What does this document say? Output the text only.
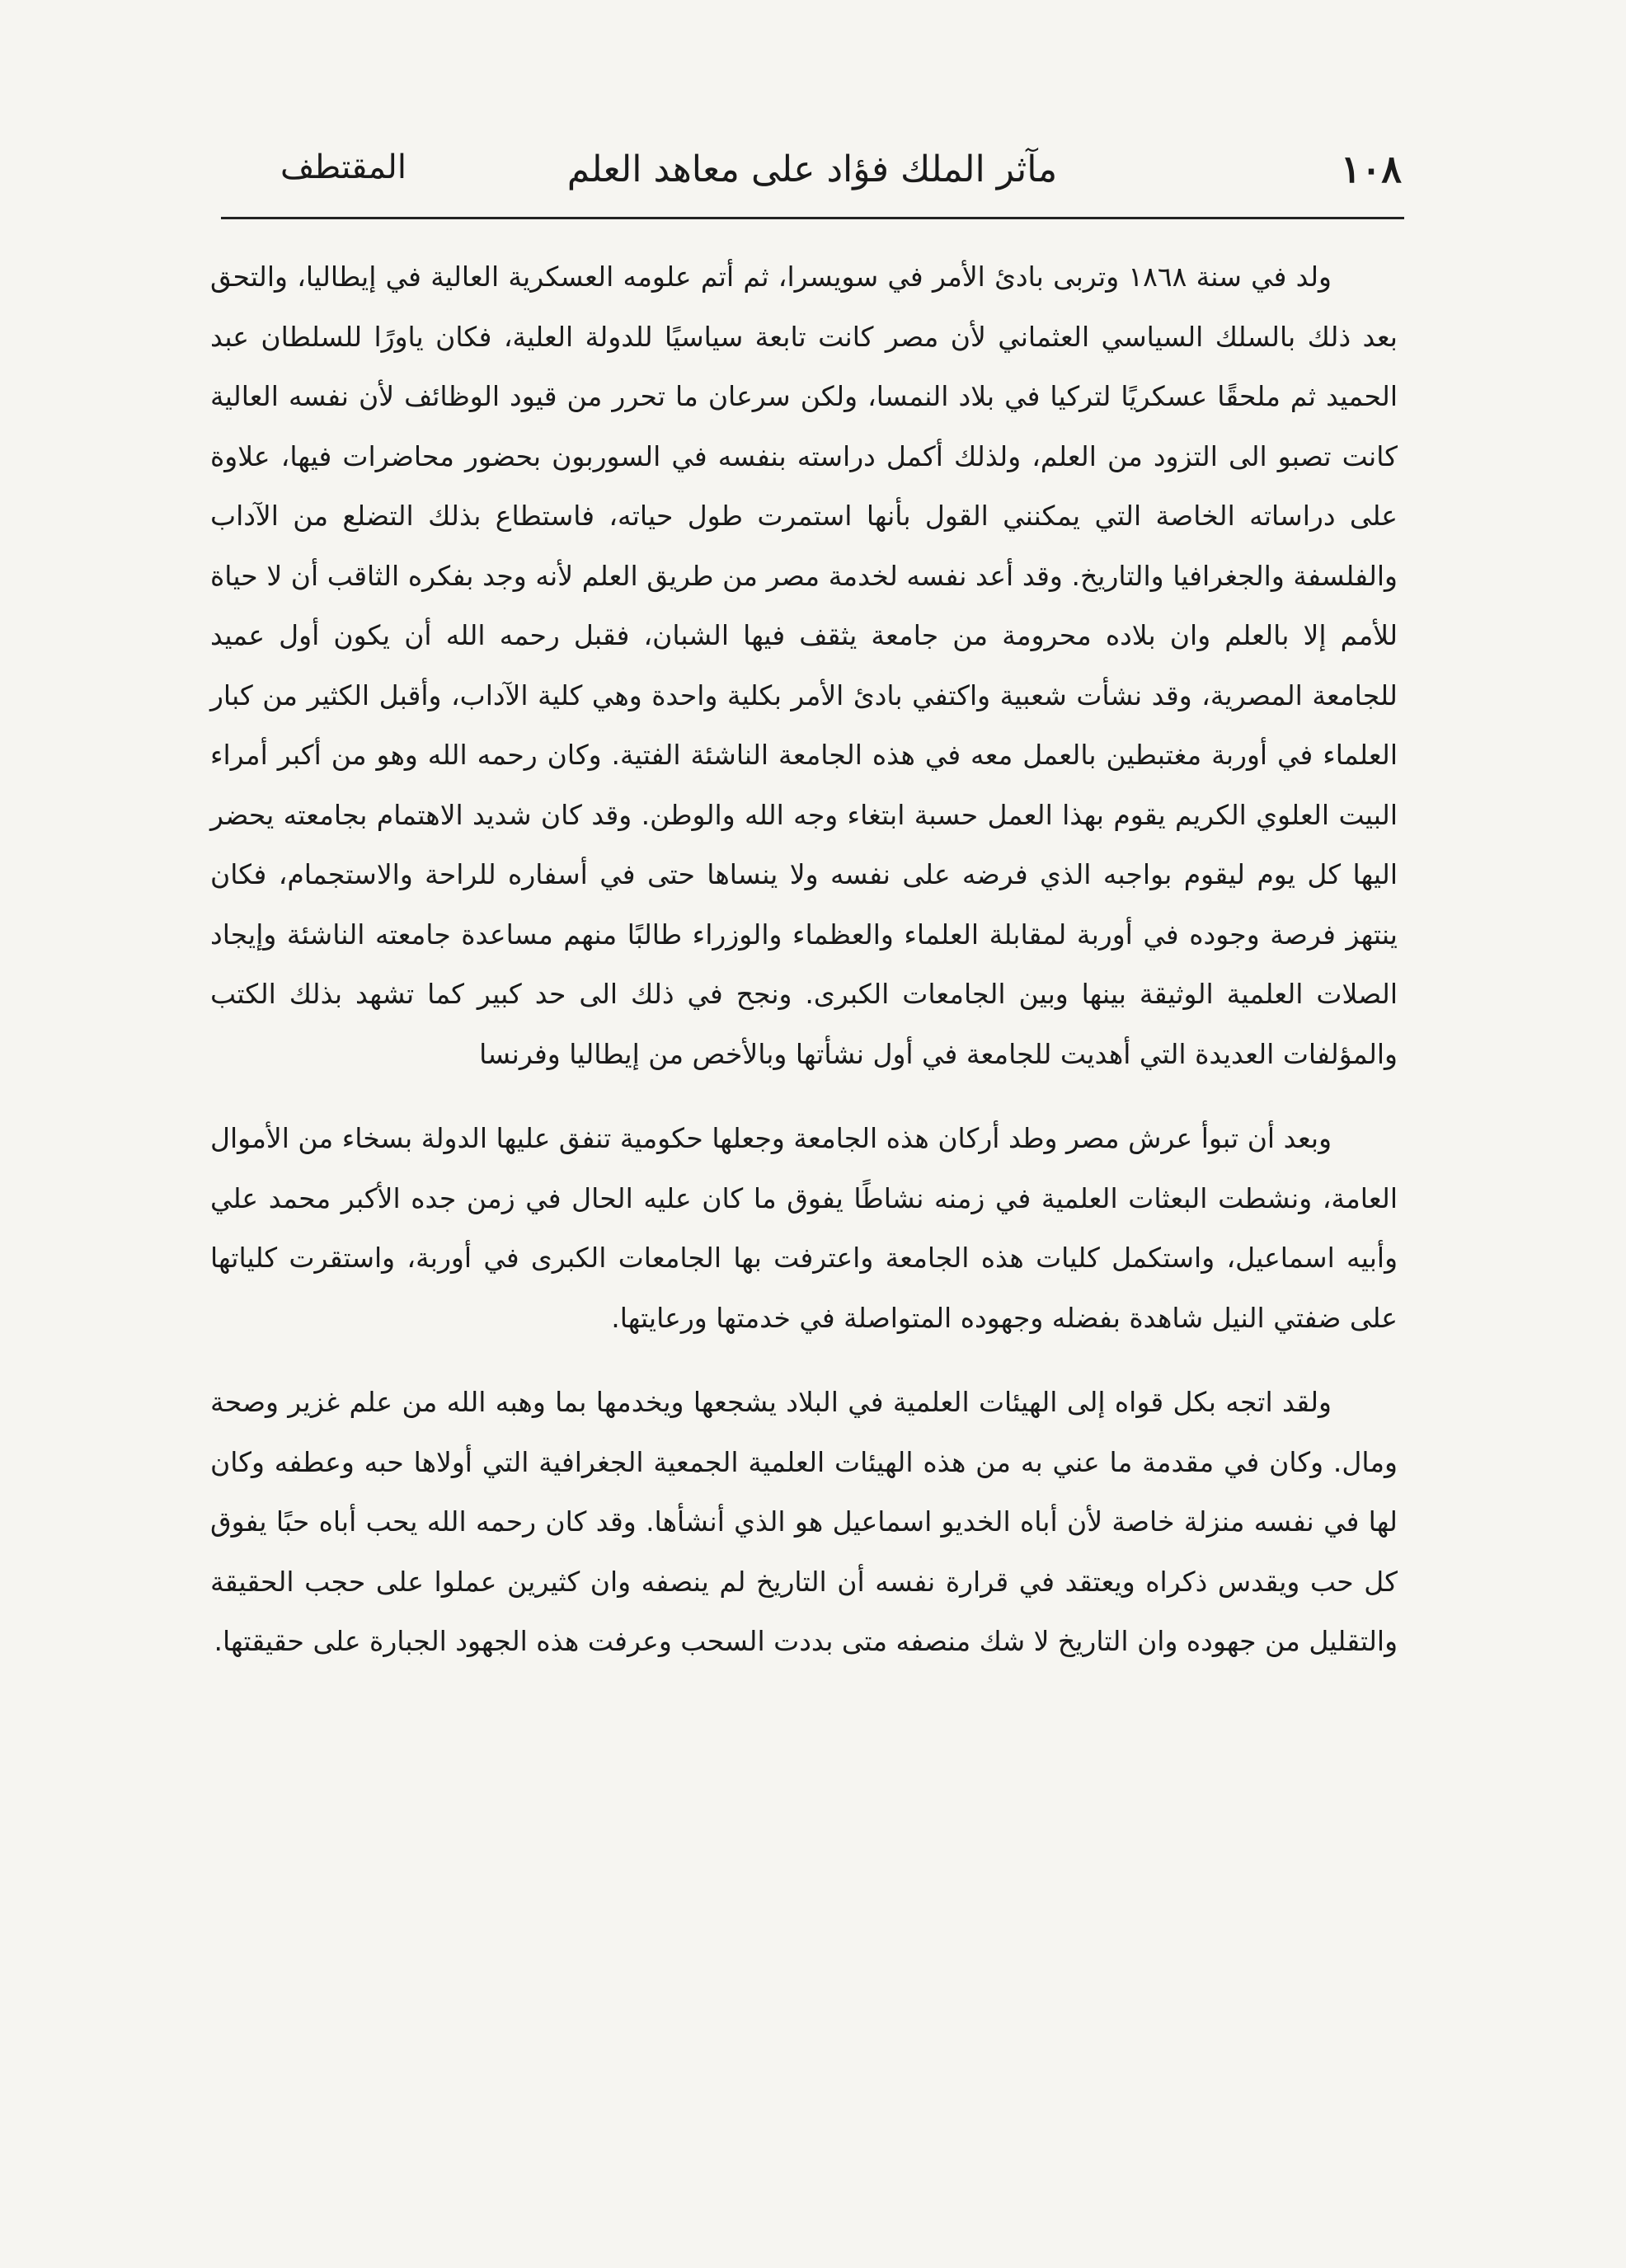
١٠٨
مآثر الملك فؤاد على معاهد العلم
المقتطف

ولد في سنة ١٨٦٨ وتربى بادئ الأمر في سويسرا، ثم أتم علومه العسكرية العالية في إيطاليا، والتحق بعد ذلك بالسلك السياسي العثماني لأن مصر كانت تابعة سياسيًا للدولة العلية، فكان ياورًا للسلطان عبد الحميد ثم ملحقًا عسكريًا لتركيا في بلاد النمسا، ولكن سرعان ما تحرر من قيود الوظائف لأن نفسه العالية كانت تصبو الى التزود من العلم، ولذلك أكمل دراسته بنفسه في السوربون بحضور محاضرات فيها، علاوة على دراساته الخاصة التي يمكنني القول بأنها استمرت طول حياته، فاستطاع بذلك التضلع من الآداب والفلسفة والجغرافيا والتاريخ. وقد أعد نفسه لخدمة مصر من طريق العلم لأنه وجد بفكره الثاقب أن لا حياة للأمم إلا بالعلم وان بلاده محرومة من جامعة يثقف فيها الشبان، فقبل رحمه الله أن يكون أول عميد للجامعة المصرية، وقد نشأت شعبية واكتفي بادئ الأمر بكلية واحدة وهي كلية الآداب، وأقبل الكثير من كبار العلماء في أوربة مغتبطين بالعمل معه في هذه الجامعة الناشئة الفتية. وكان رحمه الله وهو من أكبر أمراء البيت العلوي الكريم يقوم بهذا العمل حسبة ابتغاء وجه الله والوطن. وقد كان شديد الاهتمام بجامعته يحضر اليها كل يوم ليقوم بواجبه الذي فرضه على نفسه ولا ينساها حتى في أسفاره للراحة والاستجمام، فكان ينتهز فرصة وجوده في أوربة لمقابلة العلماء والعظماء والوزراء طالبًا منهم مساعدة جامعته الناشئة وإيجاد الصلات العلمية الوثيقة بينها وبين الجامعات الكبرى. ونجح في ذلك الى حد كبير كما تشهد بذلك الكتب والمؤلفات العديدة التي أهديت للجامعة في أول نشأتها وبالأخص من إيطاليا وفرنسا

وبعد أن تبوأ عرش مصر وطد أركان هذه الجامعة وجعلها حكومية تنفق عليها الدولة بسخاء من الأموال العامة، ونشطت البعثات العلمية في زمنه نشاطًا يفوق ما كان عليه الحال في زمن جده الأكبر محمد علي وأبيه اسماعيل، واستكمل كليات هذه الجامعة واعترفت بها الجامعات الكبرى في أوربة، واستقرت كلياتها على ضفتي النيل شاهدة بفضله وجهوده المتواصلة في خدمتها ورعايتها.

ولقد اتجه بكل قواه إلى الهيئات العلمية في البلاد يشجعها ويخدمها بما وهبه الله من علم غزير وصحة ومال. وكان في مقدمة ما عني به من هذه الهيئات العلمية الجمعية الجغرافية التي أولاها حبه وعطفه وكان لها في نفسه منزلة خاصة لأن أباه الخديو اسماعيل هو الذي أنشأها. وقد كان رحمه الله يحب أباه حبًا يفوق كل حب ويقدس ذكراه ويعتقد في قرارة نفسه أن التاريخ لم ينصفه وان كثيرين عملوا على حجب الحقيقة والتقليل من جهوده وان التاريخ لا شك منصفه متى بددت السحب وعرفت هذه الجهود الجبارة على حقيقتها.
